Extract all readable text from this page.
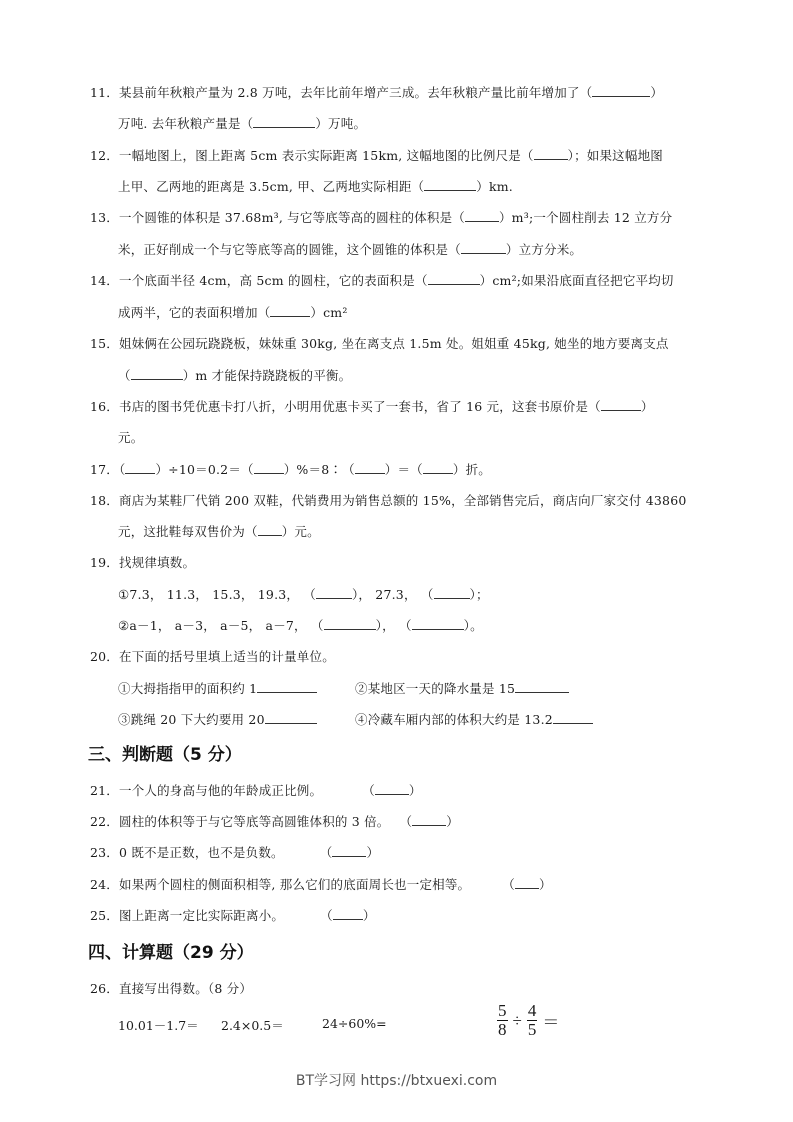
11．某县前年秋粮产量为 2.8 万吨，去年比前年增产三成。去年秋粮产量比前年增加了（	）
万吨. 去年秋粮产量是（	）万吨。
12．一幅地图上，图上距离 5cm 表示实际距离 15km, 这幅地图的比例尺是（	）；如果这幅地图
上甲、乙两地的距离是 3.5cm, 甲、乙两地实际相距（	）km.
13．一个圆锥的体积是 37.68m³, 与它等底等高的圆柱的体积是（	）m³;一个圆柱削去 12 立方分
米，正好削成一个与它等底等高的圆锥，这个圆锥的体积是（	）立方分米。
14．一个底面半径 4cm，高 5cm 的圆柱，它的表面积是（	）cm²;如果沿底面直径把它平均切
成两半，它的表面积增加（	）cm²
15．姐妹俩在公园玩跷跷板，妹妹重 30kg, 坐在离支点 1.5m 处。姐姐重 45kg, 她坐的地方要离支点
（	）m 才能保持跷跷板的平衡。
16．书店的图书凭优惠卡打八折，小明用优惠卡买了一套书，省了 16 元，这套书原价是（	）
元。
17．（ ）÷10＝0.2＝（ ）%＝8∶（ ）＝（ ）折。
18．商店为某鞋厂代销 200 双鞋，代销费用为销售总额的 15%，全部销售完后，商店向厂家交付 43860
元，这批鞋每双售价为（ ）元。
19．找规律填数。
①7.3， 11.3， 15.3， 19.3， （	）， 27.3， （	）；
②a－1， a－3， a－5， a－7， （	）， （	）。
20．在下面的括号里填上适当的计量单位。
①大拇指指甲的面积约 1	②某地区一天的降水量是 15
③跳绳 20 下大约要用 20	④冷藏车厢内部的体积大约是 13.2
三、判断题（5 分）
21．一个人的身高与他的年龄成正比例。	（	）
22．圆柱的体积等于与它等底等高圆锥体积的 3 倍。 （	）
23．0 既不是正数，也不是负数。	（	）
24．如果两个圆柱的侧面积相等, 那么它们的底面周长也一定相等。	（ ）
25．图上距离一定比实际距离小。	（ ）
四、计算题（29 分）
26．直接写出得数。（8 分）
10.01－1.7＝ 2.4×0.5＝	24÷60%=	$\frac{5}{8} \div \frac{4}{5}$ ＝
BT学习网 https://btxuexi.com
